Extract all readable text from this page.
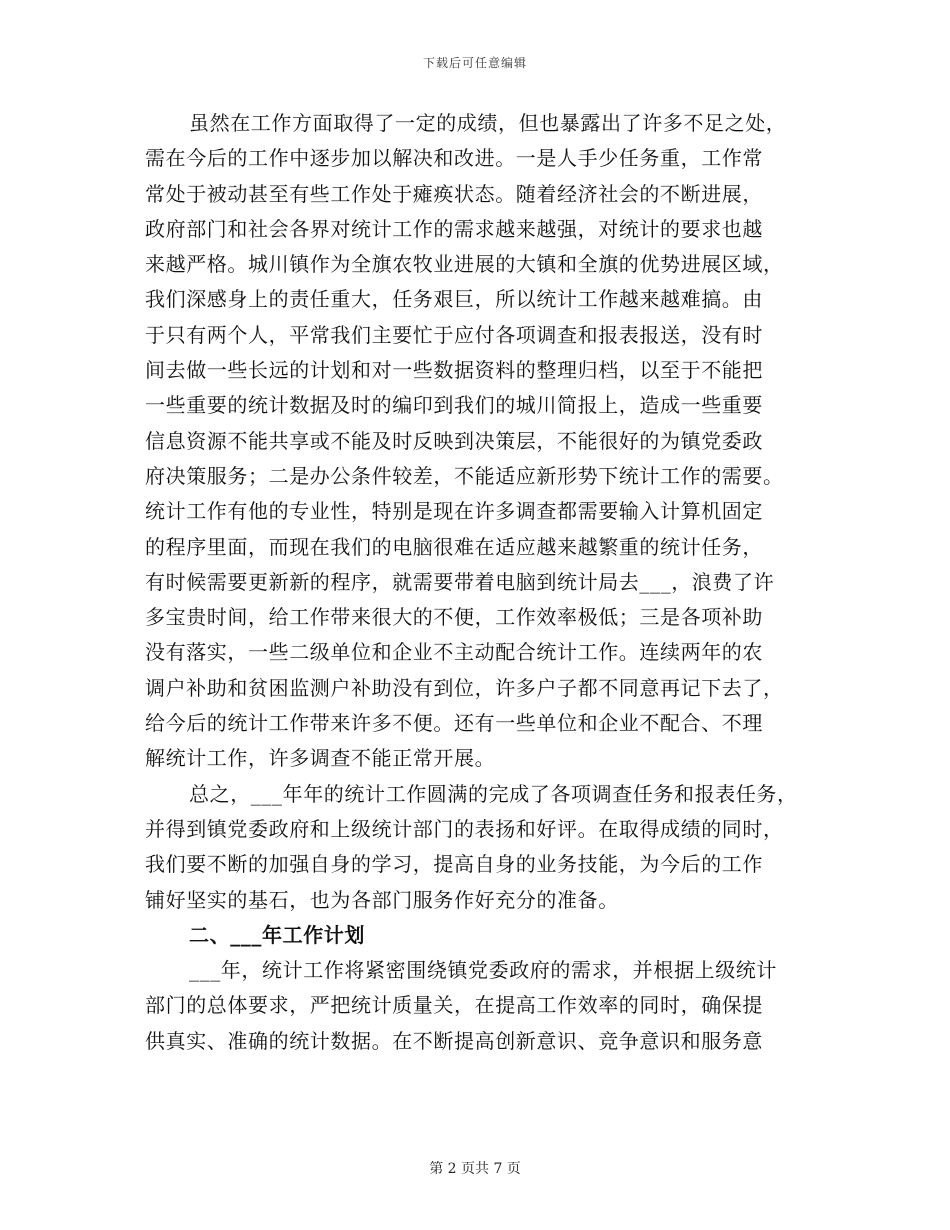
下载后可任意编辑
虽然在工作方面取得了一定的成绩，但也暴露出了许多不足之处，
需在今后的工作中逐步加以解决和改进。一是人手少任务重，工作常
常处于被动甚至有些工作处于瘫痪状态。随着经济社会的不断进展，
政府部门和社会各界对统计工作的需求越来越强，对统计的要求也越
来越严格。城川镇作为全旗农牧业进展的大镇和全旗的优势进展区域，
我们深感身上的责任重大，任务艰巨，所以统计工作越来越难搞。由
于只有两个人，平常我们主要忙于应付各项调查和报表报送，没有时
间去做一些长远的计划和对一些数据资料的整理归档，以至于不能把
一些重要的统计数据及时的编印到我们的城川简报上，造成一些重要
信息资源不能共享或不能及时反映到决策层，不能很好的为镇党委政
府决策服务；二是办公条件较差，不能适应新形势下统计工作的需要。
统计工作有他的专业性，特别是现在许多调查都需要输入计算机固定
的程序里面，而现在我们的电脑很难在适应越来越繁重的统计任务，
有时候需要更新新的程序，就需要带着电脑到统计局去___，浪费了许
多宝贵时间，给工作带来很大的不便，工作效率极低；三是各项补助
没有落实，一些二级单位和企业不主动配合统计工作。连续两年的农
调户补助和贫困监测户补助没有到位，许多户子都不同意再记下去了，
给今后的统计工作带来许多不便。还有一些单位和企业不配合、不理
解统计工作，许多调查不能正常开展。
总之，___年年的统计工作圆满的完成了各项调查任务和报表任务，
并得到镇党委政府和上级统计部门的表扬和好评。在取得成绩的同时，
我们要不断的加强自身的学习，提高自身的业务技能，为今后的工作
铺好坚实的基石，也为各部门服务作好充分的准备。
二、___年工作计划
___年，统计工作将紧密围绕镇党委政府的需求，并根据上级统计
部门的总体要求，严把统计质量关，在提高工作效率的同时，确保提
供真实、准确的统计数据。在不断提高创新意识、竞争意识和服务意
第 2 页共 7 页
